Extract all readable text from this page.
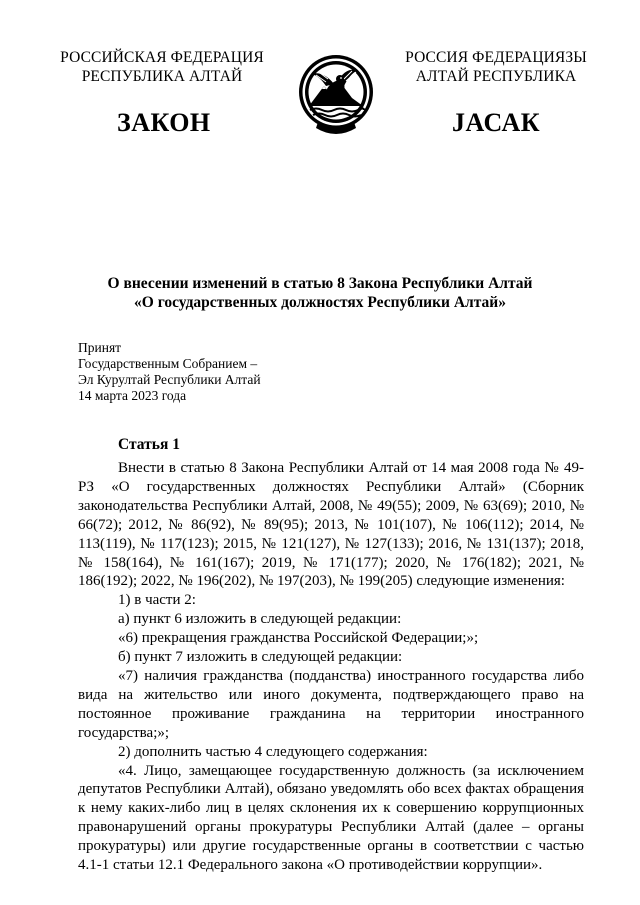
РОССИЙСКАЯ ФЕДЕРАЦИЯ
РЕСПУБЛИКА АЛТАЙ
РОССИЯ ФЕДЕРАЦИЯЗЫ
АЛТАЙ РЕСПУБЛИКА
ЗАКОН	JАСАК
О внесении изменений в статью 8 Закона Республики Алтай
«О государственных должностях Республики Алтай»
Принят
Государственным Собранием –
Эл Курултай Республики Алтай
14 марта 2023 года
Статья 1

Внести в статью 8 Закона Республики Алтай от 14 мая 2008 года № 49-РЗ «О государственных должностях Республики Алтай» (Сборник законодательства Республики Алтай, 2008, № 49(55); 2009, № 63(69); 2010, № 66(72); 2012, № 86(92), № 89(95); 2013, № 101(107), № 106(112); 2014, № 113(119), № 117(123); 2015, № 121(127), № 127(133); 2016, № 131(137); 2018, № 158(164), № 161(167); 2019, № 171(177); 2020, № 176(182); 2021, № 186(192); 2022, № 196(202), № 197(203), № 199(205) следующие изменения:

1) в части 2:

а) пункт 6 изложить в следующей редакции:

«6) прекращения гражданства Российской Федерации;»;

б) пункт 7 изложить в следующей редакции:

«7) наличия гражданства (подданства) иностранного государства либо вида на жительство или иного документа, подтверждающего право на постоянное проживание гражданина на территории иностранного государства;»;

2) дополнить частью 4 следующего содержания:

«4. Лицо, замещающее государственную должность (за исключением депутатов Республики Алтай), обязано уведомлять обо всех фактах обращения к нему каких-либо лиц в целях склонения их к совершению коррупционных правонарушений органы прокуратуры Республики Алтай (далее – органы прокуратуры) или другие государственные органы в соответствии с частью 4.1-1 статьи 12.1 Федерального закона «О противодействии коррупции».
